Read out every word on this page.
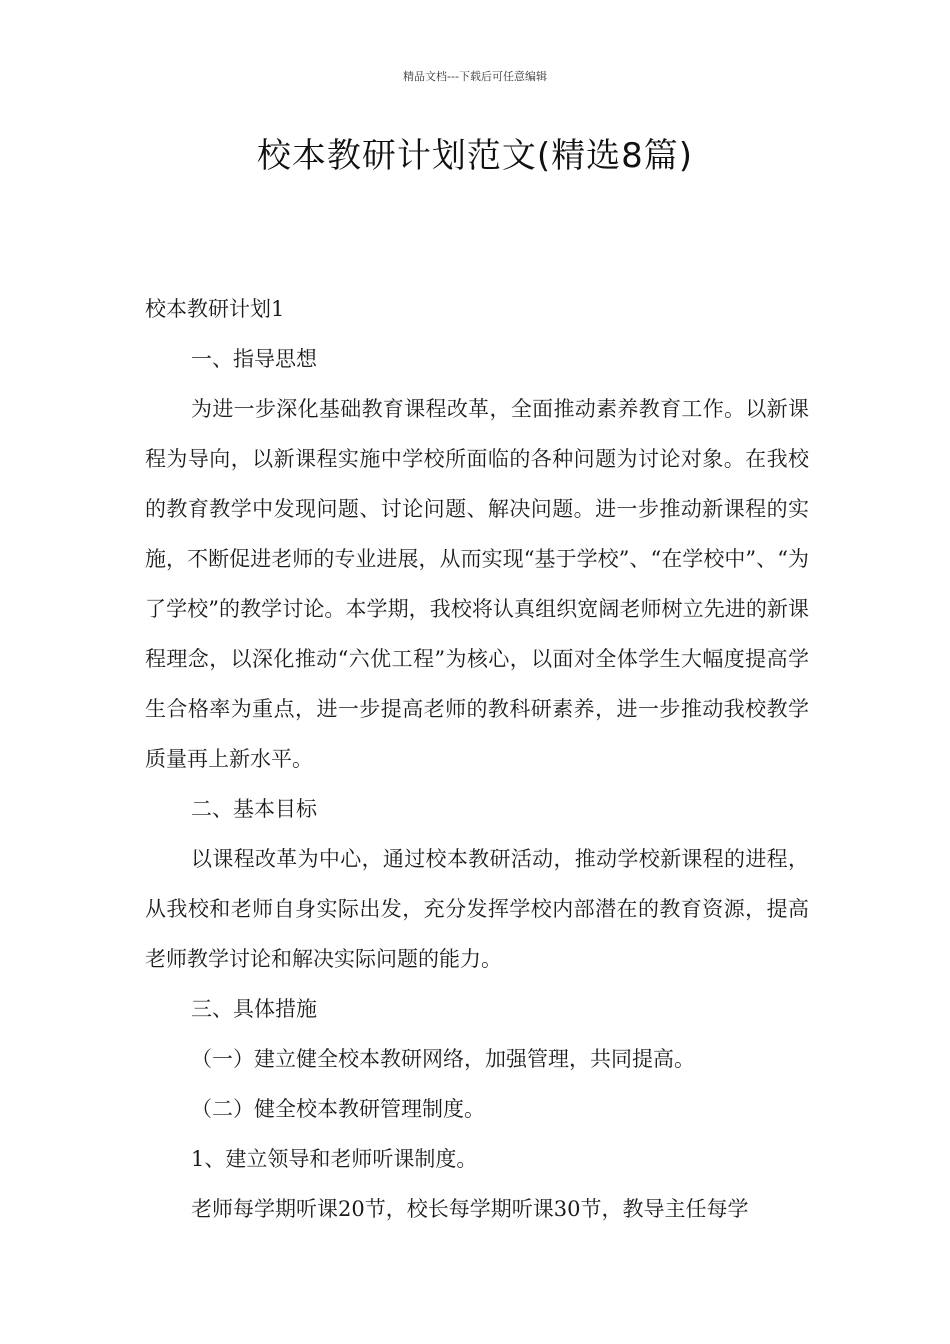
精品文档---下载后可任意编辑
校本教研计划范文(精选8篇)

校本教研计划1

一、指导思想

为进一步深化基础教育课程改革，全面推动素养教育工作。以新课程为导向，以新课程实施中学校所面临的各种问题为讨论对象。在我校的教育教学中发现问题、讨论问题、解决问题。进一步推动新课程的实施，不断促进老师的专业进展，从而实现“基于学校”、“在学校中”、“为了学校”的教学讨论。本学期，我校将认真组织宽阔老师树立先进的新课程理念，以深化推动“六优工程”为核心，以面对全体学生大幅度提高学生合格率为重点，进一步提高老师的教科研素养，进一步推动我校教学质量再上新水平。

二、基本目标

以课程改革为中心，通过校本教研活动，推动学校新课程的进程，从我校和老师自身实际出发，充分发挥学校内部潜在的教育资源，提高老师教学讨论和解决实际问题的能力。

三、具体措施

（一）建立健全校本教研网络，加强管理，共同提高。

（二）健全校本教研管理制度。

1、建立领导和老师听课制度。

老师每学期听课20节，校长每学期听课30节，教导主任每学
